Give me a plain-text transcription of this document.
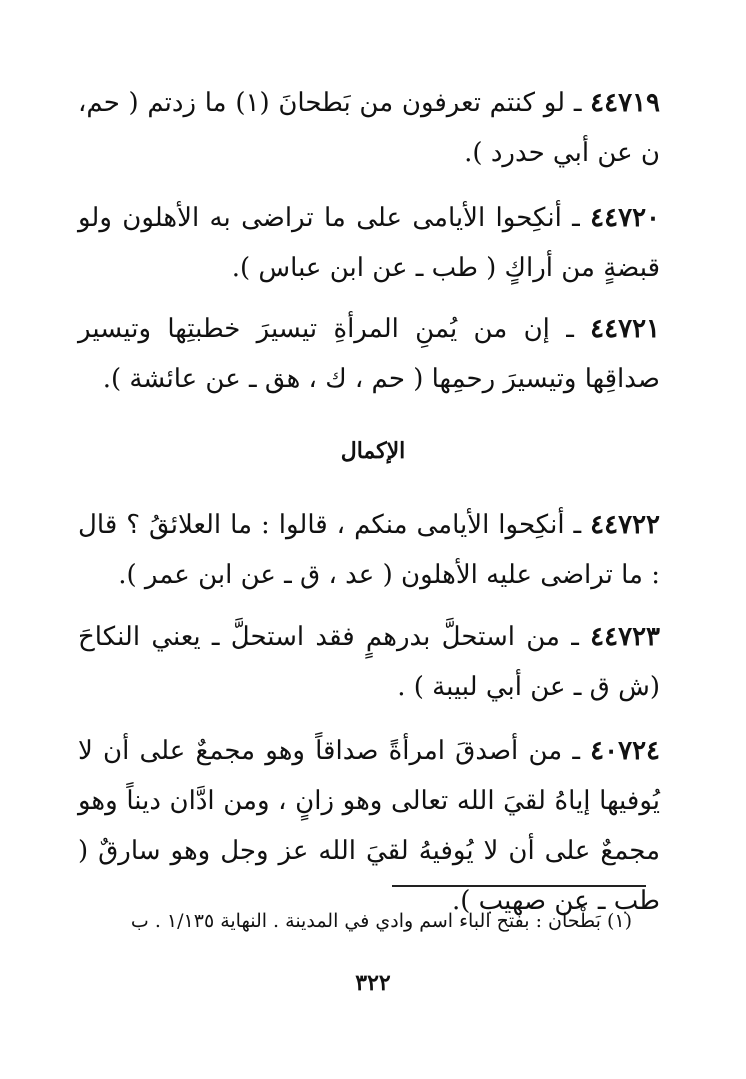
٤٤٧١٩ ـ لو كنتم تعرفون من بَطحانَ (١) ما زدتم ( حم، ن عن أبي حدرد ).

٤٤٧٢٠ ـ أنكِحوا الأيامى على ما تراضى به الأهلون ولو قبضةٍ من أراكٍ ( طب ـ عن ابن عباس ).

٤٤٧٢١ ـ إن من يُمنِ المرأةِ تيسيرَ خطبتِها وتيسير صداقِها وتيسيرَ رحمِها ( حم ، ك ، هق ـ عن عائشة ).

الإكمال

٤٤٧٢٢ ـ أنكِحوا الأيامى منكم ، قالوا : ما العلائقُ ؟ قال : ما تراضى عليه الأهلون ( عد ، ق ـ عن ابن عمر ).

٤٤٧٢٣ ـ من استحلَّ بدرهمٍ فقد استحلَّ ـ يعني النكاحَ (ش ق ـ عن أبي لبيبة ) .

٤٠٧٢٤ ـ من أصدقَ امرأةً صداقاً وهو مجمعٌ على أن لا يُوفيها إياهُ لقيَ الله تعالى وهو زانٍ ، ومن ادَّان ديناً وهو مجمعٌ على أن لا يُوفيهُ لقيَ الله عز وجل وهو سارقٌ ( طب ـ عن صهيب ).

(١) بَطْحان : بفتح الباء اسم وادي في المدينة . النهاية ١/١٣٥ . ب
٣٢٢
